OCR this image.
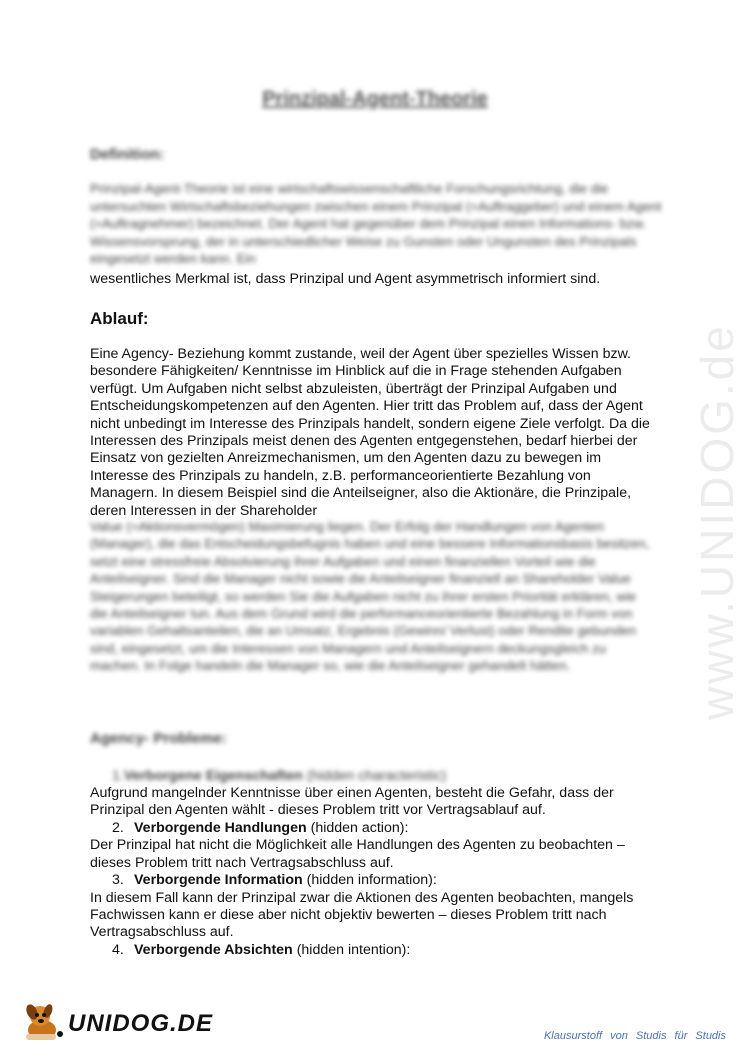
www.UNIDOG.de
Prinzipal-Agent-Theorie
Definition:
Prinzipal-Agent-Theorie ist eine wirtschaftswissenschaftliche Forschungsrichtung, die die untersuchten Wirtschaftsbeziehungen zwischen einem Prinzipal (=Auftraggeber) und einem Agent (=Auftragnehmer) bezeichnet. Der Agent hat gegenüber dem Prinzipal einen Informations- bzw. Wissensvorsprung, der in unterschiedlicher Weise zu Gunsten oder Ungunsten des Prinzipals eingesetzt werden kann. Ein
wesentliches Merkmal ist, dass Prinzipal und Agent asymmetrisch informiert sind.
Ablauf:
Eine Agency- Beziehung kommt zustande, weil der Agent über spezielles Wissen bzw. besondere Fähigkeiten/ Kenntnisse im Hinblick auf die in Frage stehenden Aufgaben verfügt. Um Aufgaben nicht selbst abzuleisten, überträgt der Prinzipal Aufgaben und Entscheidungskompetenzen auf den Agenten. Hier tritt das Problem auf, dass der Agent nicht unbedingt im Interesse des Prinzipals handelt, sondern eigene Ziele verfolgt. Da die Interessen des Prinzipals meist denen des Agenten entgegenstehen, bedarf hierbei der Einsatz von gezielten Anreizmechanismen, um den Agenten dazu zu bewegen im Interesse des Prinzipals zu handeln, z.B. performanceorientierte Bezahlung von Managern. In diesem Beispiel sind die Anteilseigner, also die Aktionäre, die Prinzipale, deren Interessen in der Shareholder
Value (=Aktionsvermögen) Maximierung liegen. Der Erfolg der Handlungen von Agenten (Manager), die das Entscheidungsbefugnis haben und eine bessere Informationsbasis besitzen, setzt eine stressfreie Absolvierung ihrer Aufgaben und einen finanziellen Vorteil wie die Anteilseigner. Sind die Manager nicht sowie die Anteilseigner finanziell an Shareholder Value Steigerungen beteiligt, so werden Sie die Aufgaben nicht zu ihrer ersten Priorität erklären, wie die Anteilseigner tun. Aus dem Grund wird die performanceorientierte Bezahlung in Form von variablen Gehaltsanteilen, die an Umsatz, Ergebnis (Gewinn/ Verlust) oder Rendite gebunden sind, eingesetzt, um die Interessen von Managern und Anteilseignern deckungsgleich zu machen. In Folge handeln die Manager so, wie die Anteilseigner gehandelt hätten.
Agency- Probleme:
1.Verborgene Eigenschaften (hidden characteristic)
Aufgrund mangelnder Kenntnisse über einen Agenten, besteht die Gefahr, dass der Prinzipal den Agenten wählt - dieses Problem tritt vor Vertragsablauf auf.
2. Verborgende Handlungen (hidden action):
Der Prinzipal hat nicht die Möglichkeit alle Handlungen des Agenten zu beobachten – dieses Problem tritt nach Vertragsabschluss auf.
3. Verborgende Information (hidden information):
In diesem Fall kann der Prinzipal zwar die Aktionen des Agenten beobachten, mangels Fachwissen kann er diese aber nicht objektiv bewerten – dieses Problem tritt nach Vertragsabschluss auf.
4. Verborgende Absichten (hidden intention):
UNIDOG.DE	Klausurstoff von Studis für Studis
